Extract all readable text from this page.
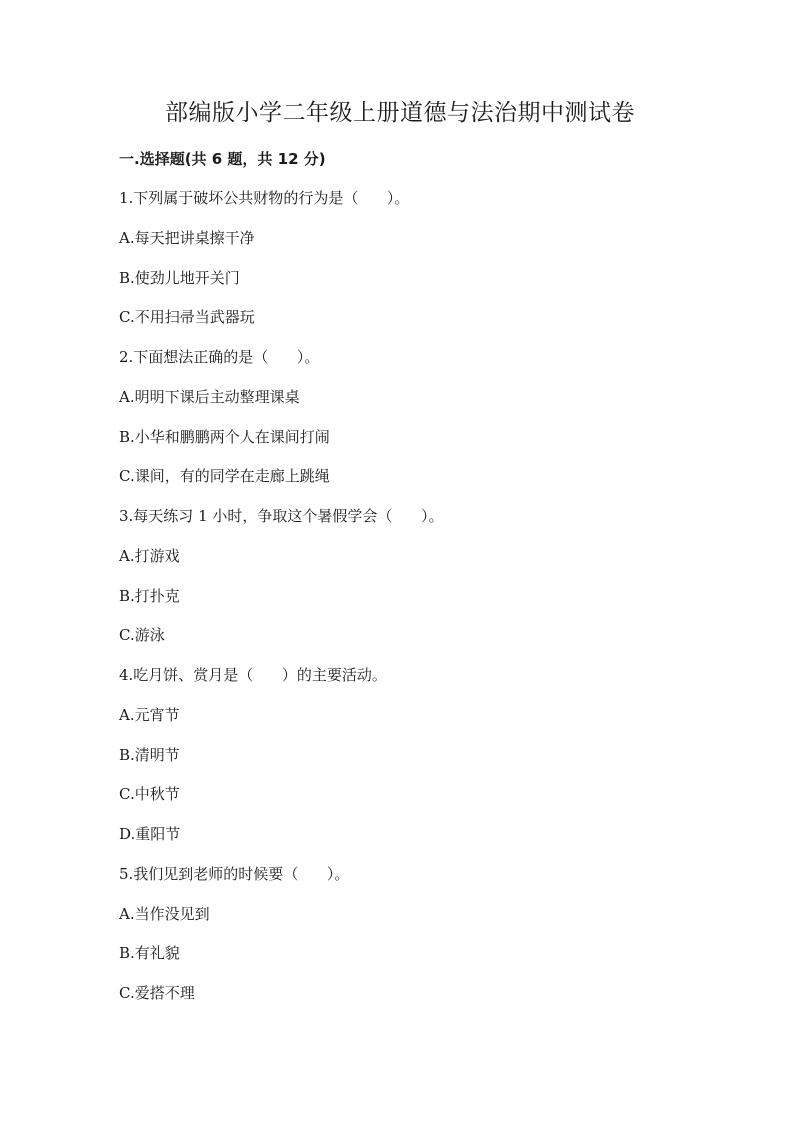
部编版小学二年级上册道德与法治期中测试卷
一.选择题(共 6 题，共 12 分)
1.下列属于破坏公共财物的行为是（      ）。
A.每天把讲桌擦干净
B.使劲儿地开关门
C.不用扫帚当武器玩
2.下面想法正确的是（      ）。
A.明明下课后主动整理课桌
B.小华和鹏鹏两个人在课间打闹
C.课间，有的同学在走廊上跳绳
3.每天练习 1 小时，争取这个暑假学会（      ）。
A.打游戏
B.打扑克
C.游泳
4.吃月饼、赏月是（      ）的主要活动。
A.元宵节
B.清明节
C.中秋节
D.重阳节
5.我们见到老师的时候要（      ）。
A.当作没见到
B.有礼貌
C.爱搭不理
